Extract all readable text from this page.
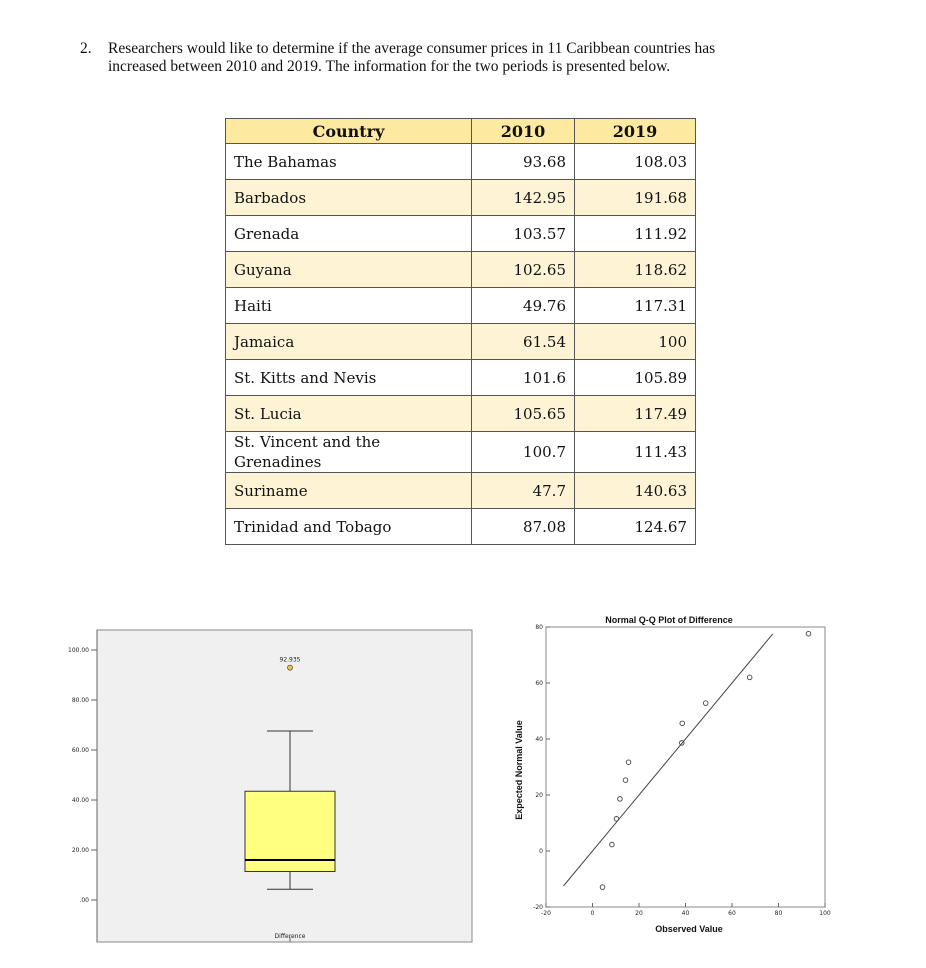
2. Researchers would like to determine if the average consumer prices in 11 Caribbean countries has
increased between 2010 and 2019. The information for the two periods is presented below.
Country	2010	2019
The Bahamas	93.68	108.03
Barbados	142.95	191.68
Grenada	103.57	111.92
Guyana	102.65	118.62
Haiti	49.76	117.31
Jamaica	61.54	100
St. Kitts and Nevis	101.6	105.89
St. Lucia	105.65	117.49
St. Vincent and the Grenadines	100.7	111.43
Suriname	47.7	140.63
Trinidad and Tobago	87.08	124.67
100.00
80.00
60.00
40.00
20.00
.00
92.935
Difference
Normal Q-Q Plot of Difference
-20	0	20	40	60	80	100
80
60
40
20
0
-20
Observed Value
Expected Normal Value
